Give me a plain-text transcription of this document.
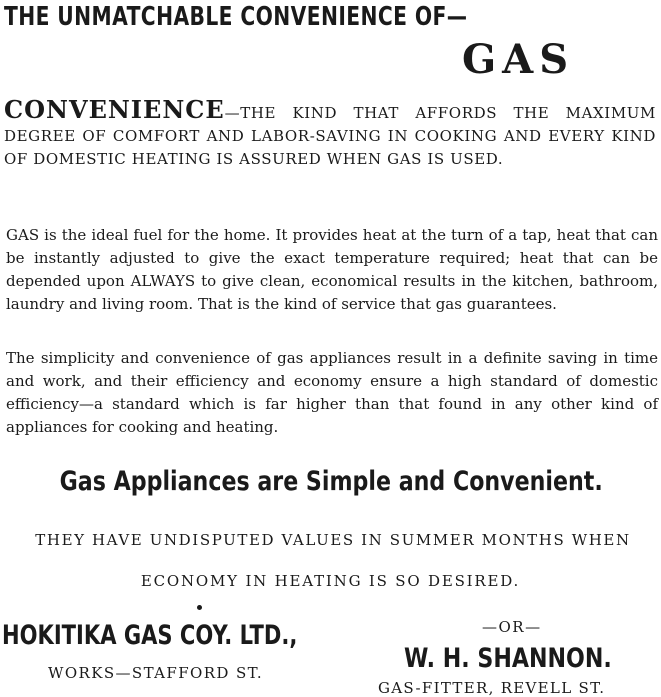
THE UNMATCHABLE CONVENIENCE OF—
GAS
CONVENIENCE—THE KIND THAT AFFORDS THE MAXIMUM DEGREE OF COMFORT AND LABOR-SAVING IN COOKING AND EVERY KIND OF DOMESTIC HEATING IS ASSURED WHEN GAS IS USED.
GAS is the ideal fuel for the home. It provides heat at the turn of a tap, heat that can be instantly adjusted to give the exact temperature required; heat that can be depended upon ALWAYS to give clean, economical results in the kitchen, bathroom, laundry and living room. That is the kind of service that gas guarantees.
The simplicity and convenience of gas appliances result in a definite saving in time and work, and their efficiency and economy ensure a high standard of domestic efficiency—a standard which is far higher than that found in any other kind of appliances for cooking and heating.
Gas Appliances are Simple and Convenient.
THEY HAVE UNDISPUTED VALUES IN SUMMER MONTHS WHEN
ECONOMY IN HEATING IS SO DESIRED.
HOKITIKA GAS COY. LTD.,
WORKS—STAFFORD ST.
—OR—
W. H. SHANNON.
GAS-FITTER, REVELL ST.
